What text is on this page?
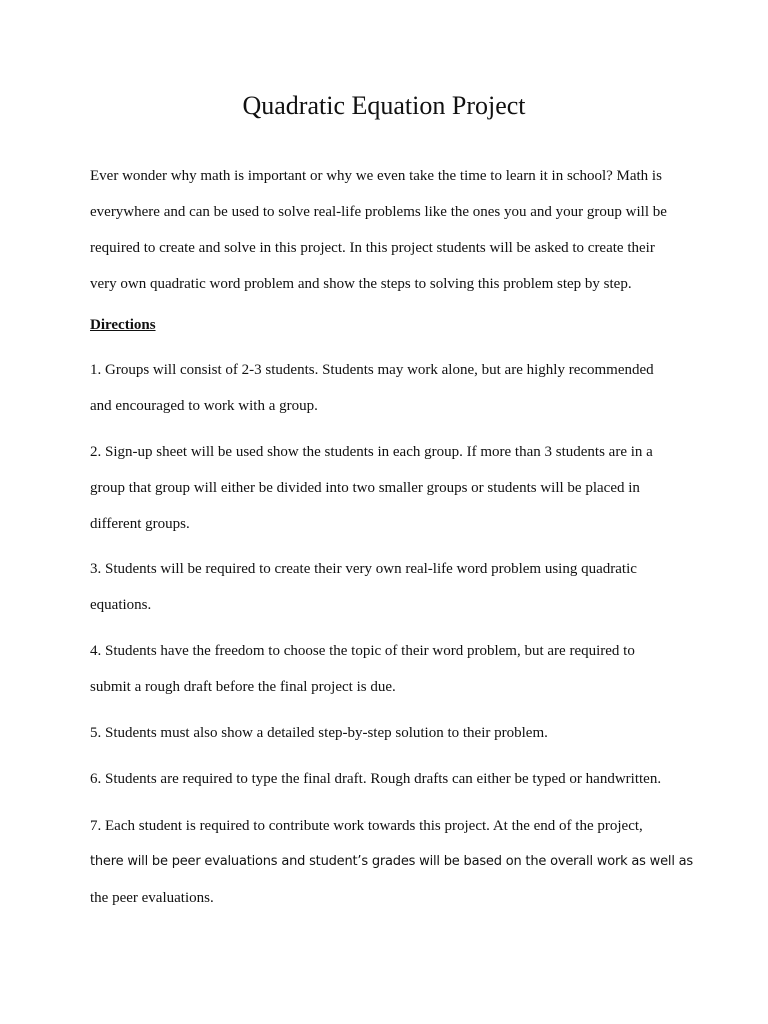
Quadratic Equation Project

Ever wonder why math is important or why we even take the time to learn it in school? Math is
everywhere and can be used to solve real-life problems like the ones you and your group will be
required to create and solve in this project. In this project students will be asked to create their
very own quadratic word problem and show the steps to solving this problem step by step.

Directions

1. Groups will consist of 2-3 students. Students may work alone, but are highly recommended
and encouraged to work with a group.

2. Sign-up sheet will be used show the students in each group. If more than 3 students are in a
group that group will either be divided into two smaller groups or students will be placed in
different groups.

3. Students will be required to create their very own real-life word problem using quadratic
equations.

4. Students have the freedom to choose the topic of their word problem, but are required to
submit a rough draft before the final project is due.

5. Students must also show a detailed step-by-step solution to their problem.

6. Students are required to type the final draft. Rough drafts can either be typed or handwritten.

7. Each student is required to contribute work towards this project. At the end of the project,
there will be peer evaluations and student’s grades will be based on the overall work as well as
the peer evaluations.
